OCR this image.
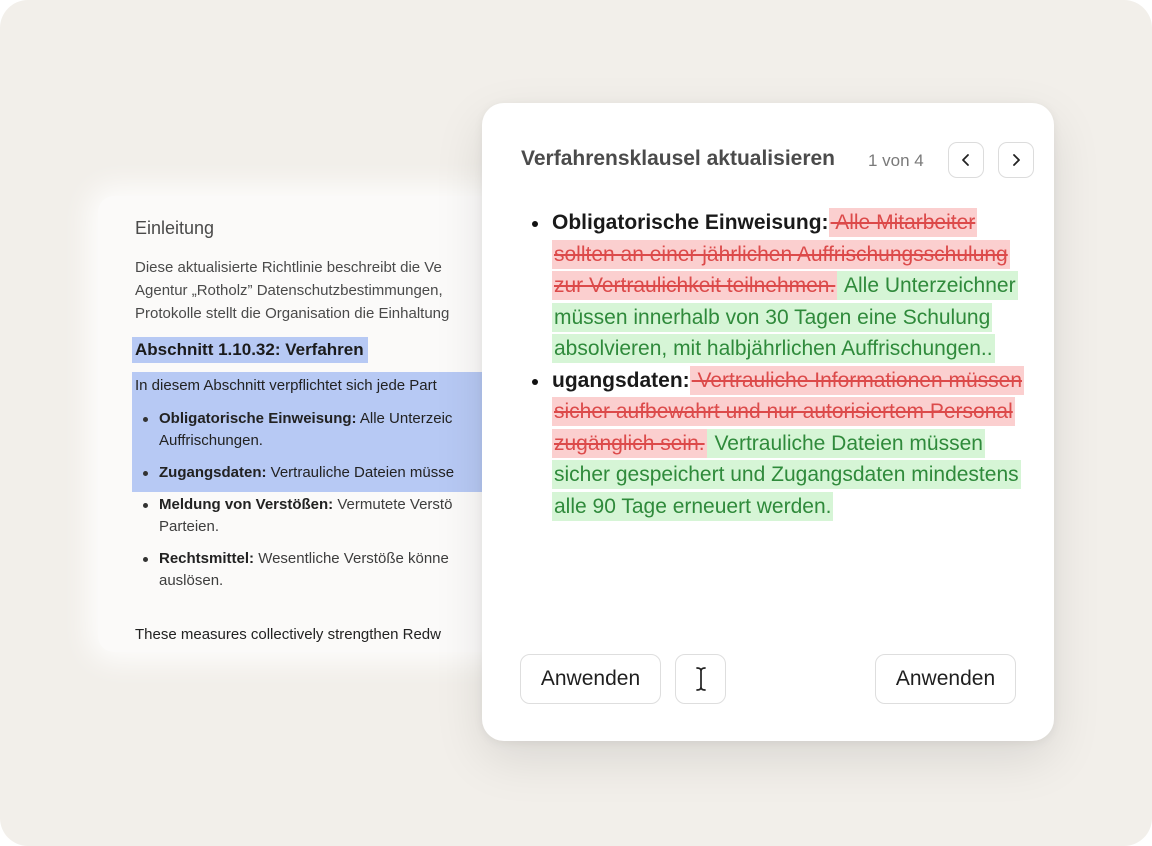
Einleitung
Diese aktualisierte Richtlinie beschreibt die Ve
Agentur „Rotholz” Datenschutzbestimmungen,
Protokolle stellt die Organisation die Einhaltung
Abschnitt 1.10.32: Verfahren
In diesem Abschnitt verpflichtet sich jede Part
Obligatorische Einweisung: Alle Unterzeic
Auffrischungen.
Zugangsdaten: Vertrauliche Dateien müsse
Meldung von Verstößen: Vermutete Verstö
Parteien.
Rechtsmittel: Wesentliche Verstöße könne
auslösen.
These measures collectively strengthen Redw
Verfahrensklausel aktualisieren 1 von 4
Obligatorische Einweisung: Alle Mitarbeiter sollten an einer jährlichen Auffrischungsschulung zur Vertraulichkeit teilnehmen. Alle Unterzeichner müssen innerhalb von 30 Tagen eine Schulung absolvieren, mit halbjährlichen Auffrischungen..
ugangsdaten: Vertrauliche Informationen müssen sicher aufbewahrt und nur autorisiertem Personal zugänglich sein. Vertrauliche Dateien müssen sicher gespeichert und Zugangsdaten mindestens alle 90 Tage erneuert werden.
Anwenden	Anwenden
